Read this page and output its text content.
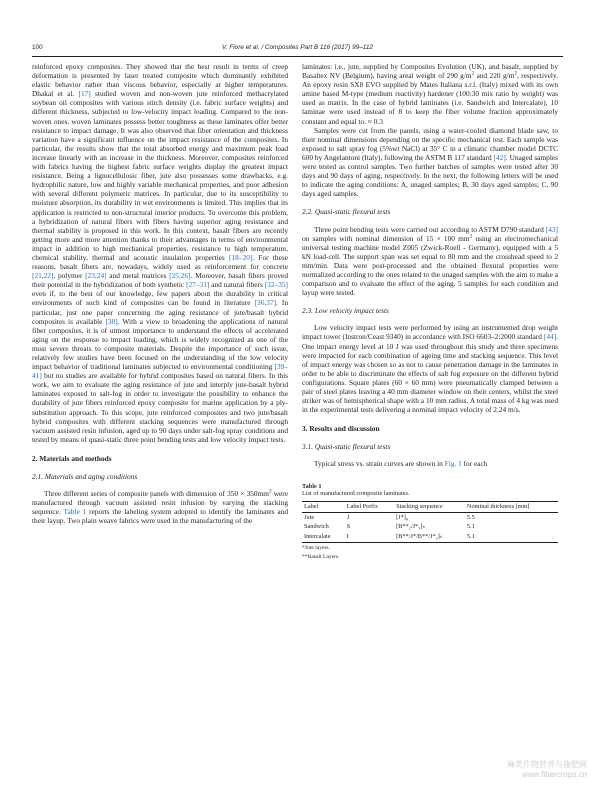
100	V. Fiore et al. / Composites Part B 116 (2017) 99–112

reinforced epoxy composites. They showed that the best result in terms of creep deformation is presented by laser treated composite which dominantly exhibited elastic behavior rather than viscous behavior, especially at higher temperatures. Dhakal et al. [17] studied woven and non-woven jute reinforced methacrylated soybean oil composites with various stitch density (i.e. fabric surface weights) and different thickness, subjected to low-velocity impact loading. Compared to the non-woven ones, woven laminates possess better toughness as these laminates offer better resistance to impact damage. It was also observed that fiber orientation and thickness variation have a significant influence on the impact resistance of the composites. In particular, the results show that the total absorbed energy and maximum peak load increase linearly with an increase in the thickness. Moreover, composites reinforced with fabrics having the highest fabric surface weights display the greatest impact resistance. Being a lignocellulosic fiber, jute also possesses some drawbacks, e.g. hydrophilic nature, low and highly variable mechanical properties, and poor adhesion with several different polymeric matrices. In particular, due to its susceptibility to moisture absorption, its durability in wet environments is limited. This implies that its application is restricted to non-structural interior products. To overcome this problem, a hybridization of natural fibers with fibers having superior aging resistance and thermal stability is proposed in this work. In this context, basalt fibers are recently getting more and more attention thanks to their advantages in terms of environmental impact in addition to high mechanical properties, resistance to high temperature, chemical stability, thermal and acoustic insulation properties [18–20]. For these reasons, basalt fibers are, nowadays, widely used as reinforcement for concrete [21,22], polymer [23,24] and metal matrices [25,26]. Moreover, basalt fibers proved their potential in the hybridization of both synthetic [27–31] and natural fibers [32–35] even if, to the best of our knowledge, few papers about the durability in critical environments of such kind of composites can be found in literature [36,37]. In particular, just one paper concerning the aging resistance of jute/basalt hybrid composites is available [38]. With a view to broadening the applications of natural fiber composites, it is of utmost importance to understand the effects of accelerated aging on the response to impact loading, which is widely recognized as one of the most severe threats to composite materials. Despite the importance of such issue, relatively few studies have been focused on the understanding of the low velocity impact behavior of traditional laminates subjected to environmental conditioning [39–41] but no studies are available for hybrid composites based on natural fibers. In this work, we aim to evaluate the aging resistance of jute and interply jute-basalt hybrid laminates exposed to salt-fog in order to investigate the possibility to enhance the durability of jute fibers reinforced epoxy composite for marine application by a ply-substitution approach. To this scope, jute reinforced composites and two jute/basalt hybrid composites with different stacking sequences were manufactured through vacuum assisted resin infusion, aged up to 90 days under salt-fog spray conditions and tested by means of quasi-static three point bending tests and low velocity impact tests.

2. Materials and methods
2.1. Materials and aging conditions

Three different series of composite panels with dimension of $350 \times 350mm^2$ were manufactured through vacuum assisted resin infusion by varying the stacking sequence. Table 1 reports the labeling system adopted to identify the laminates and their layup. Two plain weave fabrics were used in the manufacturing of the

laminates: i.e., jute, supplied by Composites Evolution (UK), and basalt, supplied by Basaltex NV (Belgium), having areal weight of 290 $g/m^2$ and 220 $g/m^2$, respectively. An epoxy resin SX8 EVO supplied by Mates Italiana s.r.l. (Italy) mixed with its own amine based M-type (medium reactivity) hardener (100:30 mix ratio by weight) was used as matrix. In the case of hybrid laminates (i.e. Sandwich and Intercalate), 10 laminae were used instead of 8 to keep the fiber volume fraction approximately constant and equal to. ≈ 0.3

Samples were cut from the panels, using a water-cooled diamond blade saw, to their nominal dimensions depending on the specific mechanical test. Each sample was exposed to salt spray fog (5%wt NaCl) at 35° C in a climatic chamber model DCTC 600 by Angelantoni (Italy), following the ASTM B 117 standard [42]. Unaged samples were tested as control samples. Two further batches of samples were tested after 30 days and 90 days of aging, respectively. In the next, the following letters will be used to indicate the aging conditions: A, unaged samples; B, 30 days aged samples; C, 90 days aged samples.

2.2. Quasi-static flexural tests

Three point bending tests were carried out according to ASTM D790 standard [43] on samples with nominal dimension of 15 × 100 $mm^2$ using an electromechanical universal testing machine model Z005 (Zwick-Roell - Germany), equipped with a 5 kN load-cell. The support span was set equal to 80 mm and the crosshead speed to 2 mm/min. Data were post-processed and the obtained flexural properties were normalized according to the ones related to the unaged samples with the aim to make a comparison and to evaluate the effect of the aging. 5 samples for each condition and layup were tested.

2.3. Low velocity impact tests

Low velocity impact tests were performed by using an instrumented drop weight impact tower (Instron/Ceast 9340) in accordance with ISO 6603–2:2000 standard [44]. One impact energy level at 10 J was used throughout this study and three specimens were impacted for each combination of ageing time and stacking sequence. This level of impact energy was chosen so as not to cause penetration damage in the laminates in order to be able to discriminate the effects of salt fog exposure on the different hybrid configurations. Square plates (60 × 60 mm) were pneumatically clamped between a pair of steel plates leaving a 40 mm diameter window on their centers, whilst the steel striker was of hemispherical shape with a 10 mm radius. A total mass of 4 kg was used in the experimental tests delivering a nominal impact velocity of 2.24 m/s.

3. Results and discussion
3.1. Quasi-static flexural tests

Typical stress vs. strain curves are shown in Fig. 1 for each

Table 1
List of manufactured composite laminates.
Label	Label Prefix	Stacking sequence	Nominal thickness [mm]
Jute	J	[J*]₈	5.5
Sandwich	S	[B**₂/J*₃]ₛ	5.1
Intercalate	I	[B**/J*/B**/J*₂]ₛ	5.1
*Jute layers.
**Basalt Layers.
麻类作物营养与施肥网 www.fibercrops.cn
